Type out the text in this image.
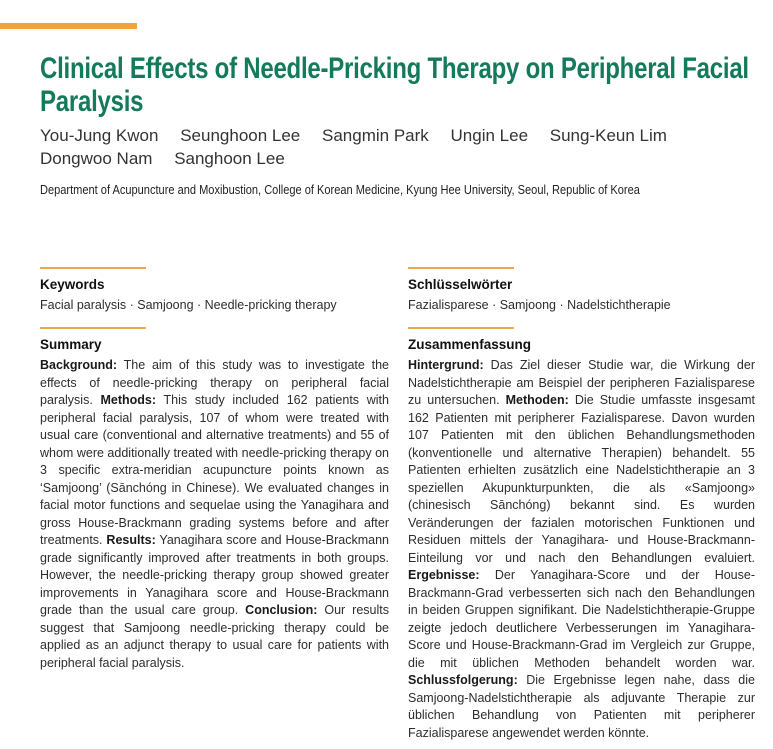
Clinical Effects of Needle-Pricking Therapy on Peripheral Facial Paralysis
You-Jung Kwon Seunghoon Lee Sangmin Park Ungin Lee Sung-Keun Lim Dongwoo Nam Sanghoon Lee

Department of Acupuncture and Moxibustion, College of Korean Medicine, Kyung Hee University, Seoul, Republic of Korea

Keywords

Facial paralysis · Samjoong · Needle-pricking therapy

Summary

Background: The aim of this study was to investigate the effects of needle-pricking therapy on peripheral facial paralysis. Methods: This study included 162 patients with peripheral facial paralysis, 107 of whom were treated with usual care (conventional and alternative treatments) and 55 of whom were additionally treated with needle-pricking therapy on 3 specific extra-meridian acupuncture points known as ‘Samjoong’ (Sānchóng in Chinese). We evaluated changes in facial motor functions and sequelae using the Yanagihara and gross House-Brackmann grading systems before and after treatments. Results: Yanagihara score and House-Brackmann grade significantly improved after treatments in both groups. However, the needle-pricking therapy group showed greater improvements in Yanagihara score and House-Brackmann grade than the usual care group. Conclusion: Our results suggest that Samjoong needle-pricking therapy could be applied as an adjunct therapy to usual care for patients with peripheral facial paralysis.

Schlüsselwörter

Fazialisparese · Samjoong · Nadelstichtherapie

Zusammenfassung

Hintergrund: Das Ziel dieser Studie war, die Wirkung der Nadelstichtherapie am Beispiel der peripheren Fazialisparese zu untersuchen. Methoden: Die Studie umfasste insgesamt 162 Patienten mit peripherer Fazialisparese. Davon wurden 107 Patienten mit den üblichen Behandlungsmethoden (konventionelle und alternative Therapien) behandelt. 55 Patienten erhielten zusätzlich eine Nadelstichtherapie an 3 speziellen Akupunkturpunkten, die als «Samjoong» (chinesisch Sānchóng) bekannt sind. Es wurden Veränderungen der fazialen motorischen Funktionen und Residuen mittels der Yanagihara- und House-Brackmann-Einteilung vor und nach den Behandlungen evaluiert. Ergebnisse: Der Yanagihara-Score und der House-Brackmann-Grad verbesserten sich nach den Behandlungen in beiden Gruppen signifikant. Die Nadelstichtherapie-Gruppe zeigte jedoch deutlichere Verbesserungen im Yanagihara-Score und House-Brackmann-Grad im Vergleich zur Gruppe, die mit üblichen Methoden behandelt worden war. Schlussfolgerung: Die Ergebnisse legen nahe, dass die Samjoong-Nadelstichtherapie als adjuvante Therapie zur üblichen Behandlung von Patienten mit peripherer Fazialisparese angewendet werden könnte.
